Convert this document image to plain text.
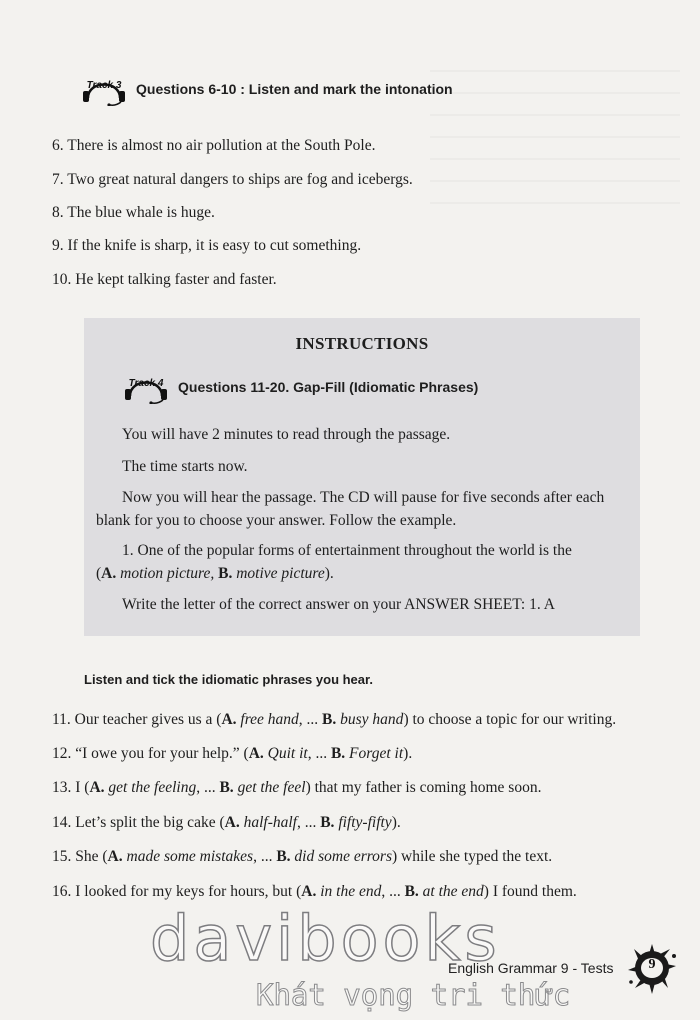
Track 3 Questions 6-10 : Listen and mark the intonation
6. There is almost no air pollution at the South Pole.
7. Two great natural dangers to ships are fog and icebergs.
8. The blue whale is huge.
9. If the knife is sharp, it is easy to cut something.
10. He kept talking faster and faster.
INSTRUCTIONS
Track 4 Questions 11-20. Gap-Fill (Idiomatic Phrases)
You will have 2 minutes to read through the passage.
The time starts now.
Now you will hear the passage. The CD will pause for five seconds after each
blank for you to choose your answer. Follow the example.
1. One of the popular forms of entertainment throughout the world is the
(A. motion picture, B. motive picture).
Write the letter of the correct answer on your ANSWER SHEET: 1. A
Listen and tick the idiomatic phrases you hear.
11. Our teacher gives us a (A. free hand, ... B. busy hand) to choose a topic for our writing.
12. “I owe you for your help.” (A. Quit it, ... B. Forget it).
13. I (A. get the feeling, ... B. get the feel) that my father is coming home soon.
14. Let’s split the big cake (A. half-half, ... B. fifty-fifty).
15. She (A. made some mistakes, ... B. did some errors) while she typed the text.
16. I looked for my keys for hours, but (A. in the end, ... B. at the end) I found them.
davibooks
Khát vọng tri thức
English Grammar 9 - Tests	9
